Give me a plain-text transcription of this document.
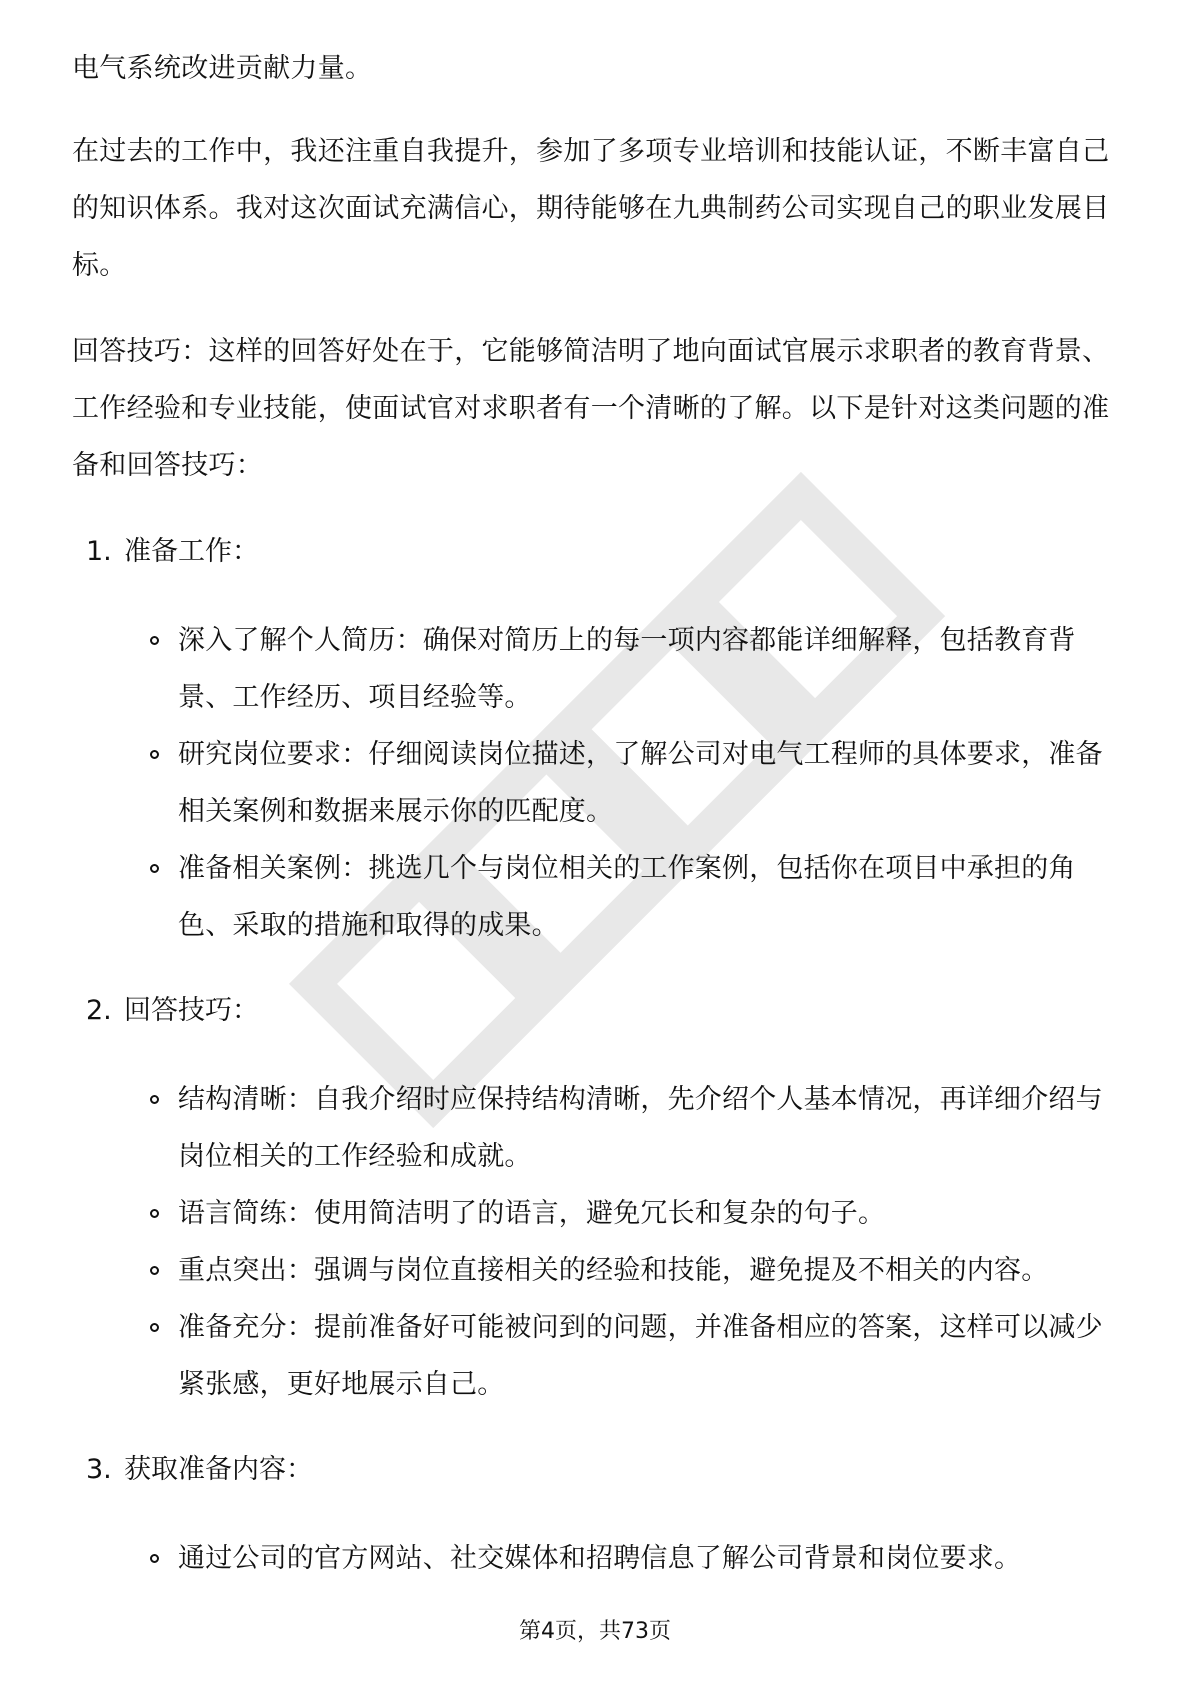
电气系统改进贡献力量。

在过去的工作中，我还注重自我提升，参加了多项专业培训和技能认证，不断丰富自己的知识体系。我对这次面试充满信心，期待能够在九典制药公司实现自己的职业发展目标。

回答技巧：这样的回答好处在于，它能够简洁明了地向面试官展示求职者的教育背景、工作经验和专业技能，使面试官对求职者有一个清晰的了解。以下是针对这类问题的准备和回答技巧：

1. 准备工作：
深入了解个人简历：确保对简历上的每一项内容都能详细解释，包括教育背景、工作经历、项目经验等。
研究岗位要求：仔细阅读岗位描述，了解公司对电气工程师的具体要求，准备相关案例和数据来展示你的匹配度。
准备相关案例：挑选几个与岗位相关的工作案例，包括你在项目中承担的角色、采取的措施和取得的成果。
2. 回答技巧：
结构清晰：自我介绍时应保持结构清晰，先介绍个人基本情况，再详细介绍与岗位相关的工作经验和成就。
语言简练：使用简洁明了的语言，避免冗长和复杂的句子。
重点突出：强调与岗位直接相关的经验和技能，避免提及不相关的内容。
准备充分：提前准备好可能被问到的问题，并准备相应的答案，这样可以减少紧张感，更好地展示自己。
3. 获取准备内容：
通过公司的官方网站、社交媒体和招聘信息了解公司背景和岗位要求。
第4页，共73页
